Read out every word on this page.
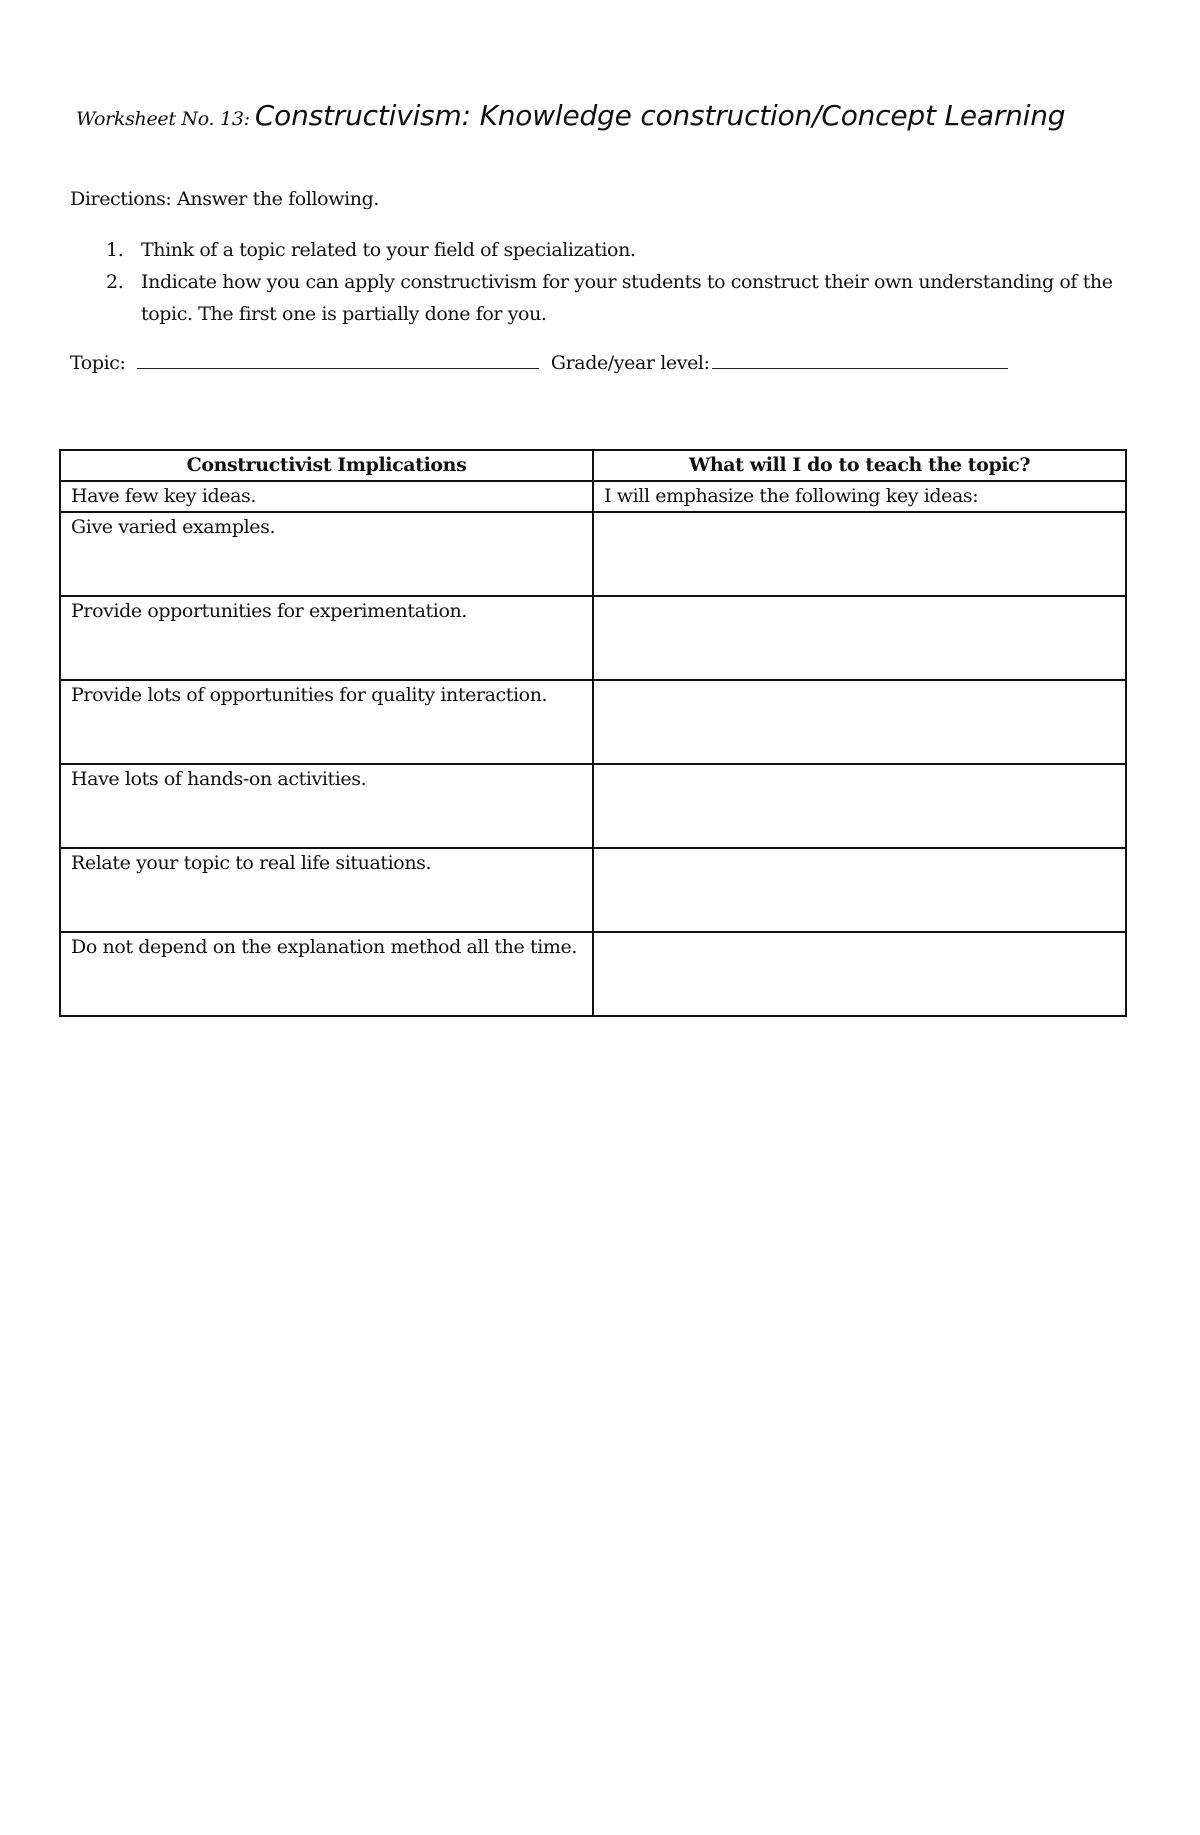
Worksheet No. 13: Constructivism: Knowledge construction/Concept Learning
Directions: Answer the following.
1. Think of a topic related to your field of specialization.
2. Indicate how you can apply constructivism for your students to construct their own understanding of the topic. The first one is partially done for you.
Topic:	Grade/year level:
Constructivist Implications	What will I do to teach the topic?
Have few key ideas.	I will emphasize the following key ideas:
Give varied examples.	
Provide opportunities for experimentation.	
Provide lots of opportunities for quality interaction.	
Have lots of hands-on activities.	
Relate your topic to real life situations.	
Do not depend on the explanation method all the time.	
